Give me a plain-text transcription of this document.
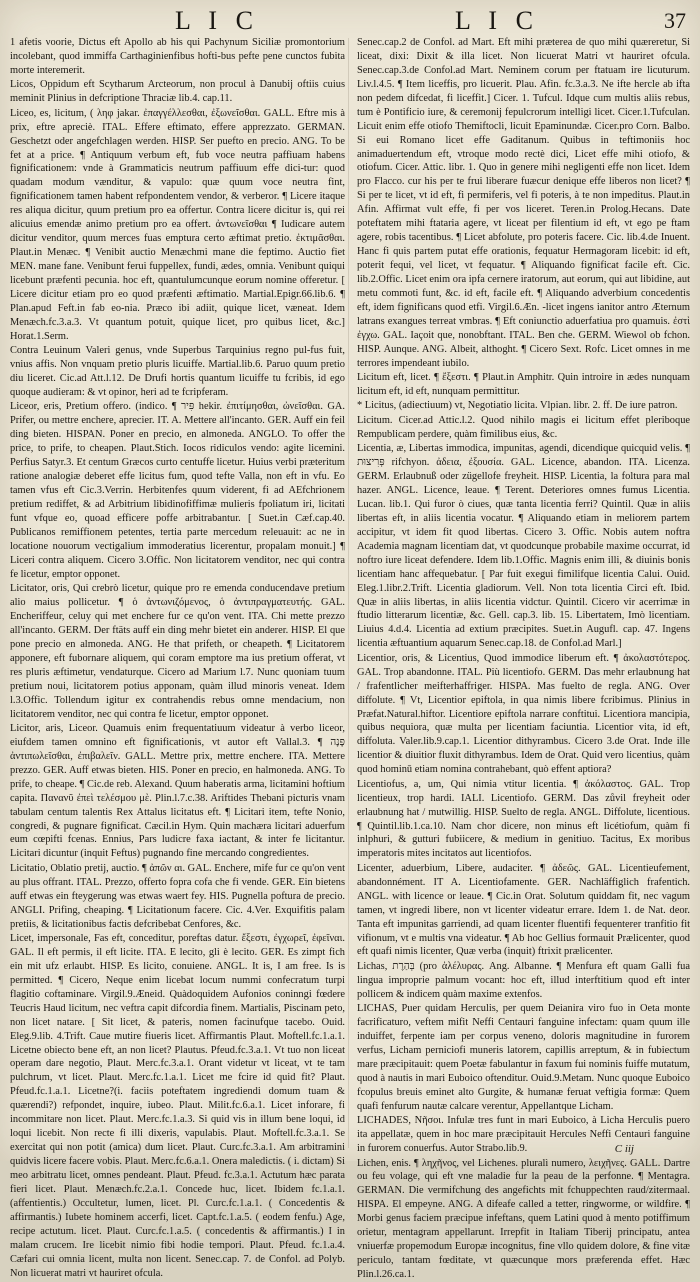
L I C	L I C	37

1 afetis νoorie, Dictus eft Apollo ab his qui Pachynum Siciliæ promontorium incolebant, quod immiffa Carthaginienfibus hofti-bus pefte pene cunctos fubita morte interemerit.

Licos, Oppidum eft Scytharum Arcteorum, non procul à Danubij oftiis cuius meminit Plinius in defcriptione Thraciæ lib.4. cap.11.

Liceo, es, licitum, ( ληφ jakar. ἐπαγγέλλεσθαι, ἐξωνεῖσθαι. GALL. Eftre mis à prix, eftre apreciè. ITAL. Effere eftimato, effere apprezzato. GERMAN. Geschetzt oder angefchlagen werden. HISP. Ser puefto en precio. ANG. To be fet at a price. ¶ Antiquum verbum eft, fub voce neutra paffiuam habens fignificationem: vnde à Grammaticis neutrum paffiuum effe dici-tur: quod quadam modum vænditur, & vapulo: quæ quum voce neutra fint, fignificationem tamen habent refpondentem vendor, & verberor. ¶ Licere itaque res aliqua dicitur, quum pretium pro ea offertur. Contra licere dicitur is, qui rei alicuius emendæ animo pretium pro ea offert. ἀντωνεῖσθαι ¶ Iudicare autem dicitur venditor, quum merces fuas emptura certo æftimat pretio. ἐκτιμᾶσθαι. Plaut.in Menæc. ¶ Venibit auctio Menæchmi mane die feptimo. Auctio fiet MEN. mane fane. Venibunt ferui fuppellex, fundi, ædes, omnia. Venibunt quiqui licebunt præfenti pecunia. hoc eft, quantulumcunque eorum nomine offeretur. [ Licere dicitur etiam pro eo quod præfenti æftimatio. Martial.Epigr.66.lib.6. ¶ Plan.apud Feft.in fab eo-nia. Præco ibi adiit, quique licet, væneat. Idem Menæch.fc.3.a.3. Vt quantum potuit, quique licet, pro quibus licet, &c.] Horat.1.Serm.

Contra Leuinum Valeri genus, vnde Superbus Tarquinius regno pul-fus fuit, vnius affis. Non vnquam pretio pluris licuiffe. Martial.lib.6. Paruo quum pretio diu liceret. Cic.ad Att.l.12. De Drufi hortis quantum licuiffe tu fcribis, id ego quoque audieram: & vt opinor, heri ad te fcripferam.

Liceor, eris, Pretium offero. (indico. ¶ פִּיר hekir. ἐπιτίμησθαι, ὠνεῖσθαι. GA. Prifer, ou mettre enchere, aprecier. IT. A. Mettere all'incanto. GER. Auff ein feil ding bieten. HISPAN. Poner en precio, en almoneda. ANGLO. To offer the price, to prife, to cheapen. Plaut.Stich. Iocos ridiculos vendo: agite licemini. Perfius Satyr.3. Et centum Græcos curto centuffe licetur. Huius verbi præteritum ratione analogiæ deberet effe licitus fum, quod tefte Valla, non eft in vfu. Eo tamen vfus eft Cic.3.Verrin. Herbitenfes quum viderent, fi ad AEfchrionem pretium rediffet, & ad Arbitrium libidinofiffimæ mulieris fpoliatum iri, licitati funt vfque eo, quoad efficere poffe arbitrabantur. [ Suet.in Cæf.cap.40. Publicanos remiffionem petentes, tertia parte mercedum releuauit: ac ne in locatione nouorum vectigalium immoderatius licerentur, propalam monuit.] ¶ Liceri contra aliquem. Cicero 3.Offic. Non licitatorem venditor, nec qui contra fe licetur, emptor opponet.

Licitator, oris, Qui crebrò licetur, quique pro re emenda conducendave pretium alio maius pollicetur. ¶ ὁ ἀντωνιζόμενος, ὁ ἀντιπραγματευτής. GAL. Encheriffeur, celuy qui met enchere fur ce qu'on vent. ITA. Chi mette prezzo all'incanto. GERM. Der ftäts auff ein ding mehr bietet ein anderer. HISP. El que pone precio en almoneda. ANG. He that prifeth, or cheapeth. ¶ Licitatorem apponere, eft fubornare aliquem, qui coram emptore ma ius pretium offerat, vt res pluris æftimetur, vendaturque. Cicero ad Marium l.7. Nunc quoniam tuum pretium noui, licitatorem potius apponam, quàm illud minoris veneat. Idem l.3.Offic. Tollendum igitur ex contrahendis rebus omne mendacium, non licitatorem venditor, nec qui contra fe licetur, emptor opponet.

Licitor, aris, Liceor. Quamuis enim frequentatiuum videatur à verbo liceor, eiufdem tamen omnino eft fignificationis, vt autor eft Vallal.3. ¶ פָּנָה ἀντιπωλεῖσθαι, ἐπιβαλεῖν. GALL. Mettre prix, mettre enchere. ITA. Mettere prezzo. GER. Auff etwas bieten. HIS. Poner en precio, en halmoneda. ANG. To prife, to cheape. ¶ Cic.de reb. Alexand. Quum haberatis arma, licitamini hoftium capita. Πανανῦ ἐπεὶ τελέσμου μὲ. Plin.l.7.c.38. Ariftides Thebani picturis vnam tabulam centum talentis Rex Attalus licitatus eft. ¶ Licitari item, tefte Nonio, congredi, & pugnare fignificat. Cæcil.in Hym. Quin machæra licitari aduerfum eum cœpifti fcenas. Ennius, Pars ludicre faxa iactant, & inter fe licitantur. Licitari dicuntur (inquit Feftus) pugnando fine mercando congredientes.

Licitatio, Oblatio pretij, auctio. ¶ ἀπῶν αι. GAL. Enchere, mife fur ce qu'on vent au plus offrant. ITAL. Prezzo, offerto fopra cofa che fi vende. GER. Ein bietens auff etwas ein fteygerung was etwas waert fey. HIS. Pugnella poftura de precio. ANGLI. Prifing, cheaping. ¶ Licitationum facere. Cic. 4.Ver. Exquifitis palam pretiis, & licitationibus factis defcribebat Cenfores, &c.

Licet, impersonale, Fas eft, conceditur, poreftas datur. ἔξεστι, ἐγχωρεῖ, ἐφεῖναι. GAL. Il eft permis, il eft licite. ITA. E lecito, gli è lecito. GER. Es zimpt fich ein mit ufz erlaubt. HISP. Es licito, conuiene. ANGL. It is, I am free. Is is permitted. ¶ Cicero, Neque enim licebat locum nummi confecratum turpi flagitio coftaminare. Virgil.9.Æneid. Quàdoquidem Aufonios coninngi fœdere Teucris Haud licitum, nec veftra capit difcordia finem. Martialis, Piscinam peto, non licet natare. [ Sit licet, & pateris, nomen facinufque tacebo. Ouid. Eleg.9.lib. 4.Trift. Caue mutire fiueris licet. Affirmantis Plaut. Moftell.fc.1.a.1. Licetne obiecto bene eft, an non licet? Plautus. Pfeud.fc.3.a.1. Vt tuo non liceat operam dare negotio, Plaut. Merc.fc.3.a.1. Orant videtur vt liceat, vt te tam pulchrum, vt licet. Plaut. Merc.fc.1.a.1. Licet me fcire id quid fit? Plaut. Pfeud.fc.1.a.1. Licetne?(i. faciis poteftatem ingrediendi domum tuam & quærendi?) refpondet, inquire, iubeo. Plaut. Milit.fc.6.a.1. Licet inforare, fi incommitare non licet. Plaut. Merc.fc.1.a.3. Si quid vis in illum bene loqui, id loqui licebit. Non recte fi illi dixeris, vapulabis. Plaut. Moftell.fc.3.a.1. Se exercitat qui non potit (amica) dum licet. Plaut. Curc.fc.3.a.1. Am arbitramini quidvis licere facere vobis. Plaut. Merc.fc.6.a.1. Onera maledictis. ( i. dictam) Si meo arbitratu licet, omnes pendeant. Plaut. Pfeud. fc.3.a.1. Actutum hæc parata fieri licet. Plaut. Menæch.fc.2.a.1. Concede huc, licet. Ibidem fc.1.a.1. (affentientis.) Occultetur, lumen, licet. Pl. Curc.fc.1.a.1. ( Concedentis & affirmantis.) Iubete hominem accerfi, licet. Capt.fc.1.a.5. ( eodem fenfu.) Age, recipe actutum. licet. Plaut. Curc.fc.1.a.5. ( concedentis & affirmantis.) I in malam crucem. Ire licebit nimio fibi hodie tempori. Plaut. Pfeud. fc.1.a.4. Cæfari cui omnia licent, multa non licent. Senec.cap. 7. de Confol. ad Polyb. Non licuerat matri vt hauriret ofcula.

Senec.cap.2 de Confol. ad Mart. Eft mihi præterea de quo mihi quæreretur, Si liceat, dixi: Dixit & illa licet. Non licuerat Matri vt hauriret ofcula. Senec.cap.3.de Confol.ad Mart. Neminem corum per ftatuam ire licuturum. Liv.l.4.5. ¶ Item liceffis, pro licuerit. Plau. Afin. fc.3.a.3. Ne ifte hercle ab ifta non pedem difcedat, fi liceffit.] Cicer. 1. Tufcul. Idque cum multis aliis rebus, tum è Pontificio iure, & ceremonij fepulcrorum intelligi licet. Cicer.1.Tufculan. Licuit enim effe otiofo Themiftocli, licuit Epaminundæ. Cicer.pro Corn. Balbo. Si eui Romano licet effe Gaditanum. Quibus in teftimoniis hoc animaduertendum eft, vtroque modo rectè dici, Licet effe mihi otiofo, & otiofum. Cicer. Attic. libr. 1. Quo in genere mihi negligenti effe non licet. Idem pro Flacco. cur his per te frui liberare fuæcur denique effe liberos non licet? ¶ Si per te licet, vt id eft, fi permiferis, vel fi poteris, à te non impeditus. Plaut.in Afin. Affirmat vult effe, fi per vos liceret. Teren.in Prolog.Hecans. Date poteftatem mihi ftataria agere, vt liceat per filentium id eft, vt ego pe ftam agere, robis tacentibus. ¶ Licet abfolute, pro poteris facere. Cic. lib.4.de Inuent. Hanc fi quis partem putat effe orationis, fequatur Hermagoram licebit: id eft, poterit fequi, vel licet, vt fequatur. ¶ Aliquando fignificat facile eft. Cic. lib.2.Offic. Licet enim ora ipfa cernere iratorum, aut eorum, qui aut libidine, aut metu commoti funt, &c. id eft, facile eft. ¶ Aliquando adverbium concedentis eft, idem fignificans quod etfi. Virgil.6.Æn. -licet ingens ianitor antro Æternum latrans exangues terreat vmbras. ¶ Eft coniunctio aduerfatiua pro quamuis. ἐστὶ ἐγχω. GAL. Iaçoit que, nonobftant. ITAL. Ben che. GERM. Wiewol ob fchon. HISP. Aunque. ANG. Albeit, althoght. ¶ Cicero Sext. Rofc. Licet omnes in me terrores impendeant iubilo.

Licitum eft, licet. ¶ ἔξεστι. ¶ Plaut.in Amphitr. Quin introire in ædes nunquam licitum eft, id eft, nunquam permittitur.

* Licitus, (adiectiuum) vt, Negotiatio licita. Vlpian. libr. 2. ff. De iure patron.

Licitum. Cicer.ad Attic.l.2. Quod nihilo magis ei licitum effet pleriboque Rempublicam perdere, quàm fimilibus eius, &c.

Licentia, æ, Libertas immodica, impunitas, agendi, dicendique quicquid velis. ¶ פְּרִיצוּת rifchyon. ἀδεια, ἐξουσία. GAL. Licence, abandon. ITA. Licenza. GERM. Erlaubnuß oder zügellofe freyheit. HISP. Licentia, la foltura para mal hazer. ANGL. Licence, leaue. ¶ Terent. Deteriores omnes fumus Licentia. Lucan. lib.1. Qui furor ò ciues, quæ tanta licentia ferri? Quintil. Quæ in aliis libertas eft, in aliis licentia vocatur. ¶ Aliquando etiam in meliorem partem accipitur, vt idem fit quod libertas. Cicero 3. Offic. Nobis autem noftra Academia magnam licentiam dat, vt quodcunque probabile maxime occurrat, id noftro iure liceat defendere. Idem lib.1.Offic. Magnis enim illi, & diuinis bonis licentiam hanc affequebatur. [ Par fuit exegui fimilifque licentia Calui. Ouid. Eleg.1.libr.2.Trift. Licentia gladiorum. Vell. Non tota licentia Circi eft. Ibid. Quæ in aliis libertas, in aliis licentia vidctur. Quintil. Cicero vir acerrimæ in ftudio litterarum licentiæ, &c. Gell. cap.3. lib. 15. Libertatem, Imò licentiam. Liuius 4.d.4. Licentia ad extium præcipites. Suet.in Augufl. cap. 47. Ingens licentia æftuantium aquarum Senec.cap.18. de Confol.ad Marl.]

Licentior, oris, & Licentius, Quod immodice liberum eft. ¶ ἀκολαστότερος. GAL. Trop abandonne. ITAL. Più licentiofo. GERM. Das mehr erlaubnung hat / frafentlicher meifterhaffriger. HISPA. Mas fuelto de regla. ANG. Over diffolute. ¶ Vt, Licentior epiftola, in qua nimis libere fcribimus. Plinius in Præfat.Natural.hiftor. Licentiore epiftola narrare conftitui. Licentiora mancipia, quibus nequiora, quæ multa per licentiam faciuntia. Licentior vita, id eft, diffoluta. Valer.lib.9.cap.1. Licentior dithyrambus. Cicero 3.de Orat. Inde ille licentior & diuitior fluxit dithyrambus. Idem de Orat. Quid vero licentius, quàm quod hominū etiam nomina contrahebant, quò effent aptiora?

Licentiofus, a, um, Qui nimia vtitur licentia. ¶ ἀκόλαστος. GAL. Trop licentieux, trop hardi. IALI. Licentiofo. GERM. Das zůvil freyheit oder erlaubnung hat / mutwillig. HISP. Suelto de regla. ANGL. Diffolute, licentious. ¶ Quintil.lib.1.ca.10. Nam chor dicere, non minus eft licétiofum, quàm fi inlphuri, & gutturi fubiicere, & medium in genitiuo. Tacitus, Ex moribus imperatoris mites incitatos aut licentiofos.

Licenter, aduerbium, Libere, audaciter. ¶ ἀδεῶς. GAL. Licentieufement, abandonnément. IT A. Licentiofamente. GER. Nachläffiglich frafentich. ANGL. with licence or leaue. ¶ Cic.in Orat. Solutum quiddam fit, nec vagum tamen, vt ingredi libere, non vt licenter videatur errare. Idem 1. de Nat. deor. Tanta eft impunitas garriendi, ad quam licenter fluentifi fequenterer tranfitio fit vifionum, vt e multis vna videatur. ¶ Ab hoc Gellius formauit Prælicenter, quod eft quafi nimis licenter, Quæ verba (inquit) ftrixit prælicenter.

Lichas, בְּהַרֶת (pro ἀλέλυρας. Ang. Albanne. ¶ Menfura eft quam Galli fua lingua improprie palmum vocant: hoc eft, illud interftitium quod eft inter pollicem & indicem quàm maxime extenfos.

LICHAS, Puer quidam Herculis, per quem Deianira viro fuo in Oeta monte facrificaturo, veftem mifit Neffi Centauri fanguine infectam: quam quum ille induiffet, ferpente iam per corpus veneno, doloris magnitudine in furorem verfus, Licham perniciofi muneris latorem, capillis arreptum, & in fubiectum mare præcipitauit: quem Poetæ fabulantur in faxum fui nominis fuiffe mutatum, quod à nautis in mari Euboico oftenditur. Ouid.9.Metam. Nunc quoque Euboico fcopulus breuis eminet alto Gurgite, & humanæ feruat veftigia formæ: Quem quafi fenfurum nautæ calcare verentur, Appellantque Licham.

LICHADES, Νῆσοι. Infulæ tres funt in mari Euboico, à Licha Herculis puero ita appellatæ, quem in hoc mare præcipitauit Hercules Neffi Centauri fanguine in furorem conuerfus. Autor Strabo.lib.9.

Lichen, enis. ¶ ληχῆνος, vel Lichenes. pluralì numero, λειχῆνες. GALL. Dartre ou feu volage, qui eft vne maladie fur la peau de la perfonne. ¶ Mentagra. GERMAN. Die vermifchung des angefichts mit fchuppechten raud/zitermaal. HISPA. El empeyne. ANG. A difeafe called a tetter, ringworme, or wildfire. ¶ Morbi genus faciem præcipue infeftans, quem Latini quod à mento potiffimum orietur, mentagram appellarunt. Irrepfit in Italiam Tiberij principatu, antea vniuerfæ propemodum Europæ incognitus, fine vllo quidem dolore, & fine vitæ periculo, tantam fœditate, vt quæcunque mors præferenda effet. Hæc Plin.l.26.ca.1.

C iij
